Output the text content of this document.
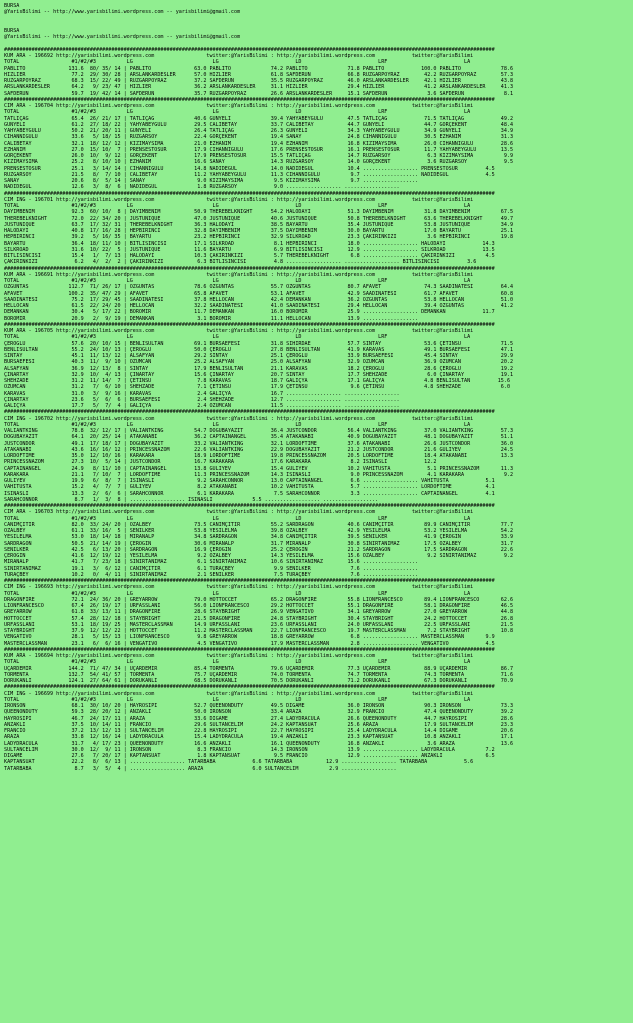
BURSA
@YarisBilimi -- http://www.yarisbilimi.wordpress.com -- yarisbilimi@gmail.com

BURSA
@YarisBilimi -- http://www.yarisbilimi.wordpress.com -- yarisbilimi@gmail.com

################################################################################################################################################################
KUM ARA - 196692 http://yarisbilimi.wordpress.com                 twitter:@YarisBilimi : http://yarisbilimi.wordpress.com            twitter:@YarisBilimi
TOTAL                 #1/#2/#3          LG                          LG                         LD                         LRF                         LA
PABLITO              131.6  80/ 35/ 14 | PABLITO              63.0 PABLITO             74.2 PABLITO             71.8 PABLITO            100.0 PABLITO             78.6
HIZLIER               77.2  29/ 30/ 28 | ARSLANKARDESLER      57.0 HIZLIER             61.8 SAFDERUN            66.8 RÜZGARPOYRAZ        42.2 RÜZGARPOYRAZ        57.3
RÜZGARPOYRAZ          68.3  15/ 22/ 49 | RÜZGARPOYRAZ         37.2 SAFDERUN            35.5 RÜZGARPOYRAZ        46.0 ARSLANKARDESLER     42.1 HIZLIER             43.8
ARSLANKARDESLER       64.2   9/ 23/ 47 | HIZLIER              36.2 ARSLANKARDESLER     31.1 HIZLIER             29.4 HIZLIER             41.2 ARSLANKARDESLER     41.3
SAFDERUN              59.7  19/ 42/ 14 | SAFDERUN             35.7 RÜZGARPOYRAZ        26.6 ARSLANKARDESLER     15.1 SAFDERUN             3.6 SAFDERUN             8.1
################################################################################################################################################################
CIM ARA - 196704 http://yarisbilimi.wordpress.com                 twitter:@YarisBilimi : http://yarisbilimi.wordpress.com            twitter:@YarisBilimi
TOTAL                 #1/#2/#3          LG                          LG                         LD                         LRF                         LA
TATLIÇAG              65.4  26/ 21/ 17 | TATLIÇAG             40.6 GÜNYELI             39.4 YAHYABEYGÜLÜ        47.5 TATLIÇAG            71.5 TATLIÇAG            49.2
GÜNYELI               61.2  27/ 18/ 22 | YAHYABEYGÜLÜ         29.5 CALIBETAY           33.7 CALIBETAY           44.7 GÜNYELI             44.7 GÖRÇEKENT           48.4
YAHYABEYGÜLÜ          50.2  21/ 20/ 11 | GÜNYELI              26.4 TATLIÇAG            26.3 GÜNYELI             34.3 YAHYABEYGÜLÜ        34.9 GÜNYELI             34.9
CIHANNIGÜLÜ           33.6   5/ 18/ 15 | RÜZGARSOY            22.4 GÖRÇEKENT           19.4 SANAY               24.8 CIHANNIGÜLÜ         30.5 EZHANIM             31.3
CALIBETAY             32.1  18/ 12/ 12 | KIZIMAYSIMA          21.0 EZHANIM             19.4 EZHANIM             16.8 KIZIMAYSIMA         26.0 CIHANNIGÜLÜ         28.6
EZHANIM               27.0  15/ 10/  7 | PRENSESTOSUR         17.9 CIHANNIGÜLÜ         17.6 PRENSESTOSUR        16.1 PRENSESTOSUR        11.7 YAHYABEYGÜLÜ        13.5
GÖRÇEKENT             26.0  10/  9/ 12 | GÖRÇEKENT            17.9 PRENSESTOSUR        15.5 TATLIÇAG            14.7 RÜZGARSOY            6.3 KIZIMAYSIMA          9.9
KIZIMAYSIMA           25.2   8/ 10/ 10 | EZHANIM              16.6 SANAY               14.3 RÜZGARSOY           14.0 GÖRÇEKENT            3.6 RÜZGARSOY            9.5
PRENSESTOSUR          25.1   3/ 14/ 14 | CIHANNIGÜLÜ          14.8 NADIDEGÜL           14.0 NADIDEGÜL           10.4 .................. PRENSESTOSUR         4.5
RÜZGARSOY             21.5   8/  7/ 10 | CALIBETAY            11.2 YAHYABEYGÜLÜ        11.3 CIHANNIGÜLÜ          9.7 .................. NADIDEGÜL            4.5
SANAY                 20.6   8/  5/ 14 | SANAY                 9.0 KIZIMAYSIMA          9.5 KIZIMAYSIMA          9.7 ..................
NADIDEGÜL             12.6   3/  8/  6 | NADIDEGÜL             1.8 RÜZGARSOY            9.0 .................. ..................
################################################################################################################################################################
CIM ING - 196701 http://yarisbilimi.wordpress.com                 twitter:@YarisBilimi : http://yarisbilimi.wordpress.com            twitter:@YarisBilimi
TOTAL                 #1/#2/#3          LG                          LG                         LD                         LRF                         LA
DAYIMBENIM            92.3  60/ 10/  8 | DAYIMBENIM           50.9 THEREBELKNIGHT      54.2 HALODAYI            51.3 DAYIMBENIM          31.8 DAYIMBENIM          67.5
THEREBELKNIGHT        72.0  22/ 34/ 20 | JUSTUNIQUE           47.0 JUSTUNIQUE          40.6 JUSTUNIQUE          50.8 THEREBELKNIGHT      63.6 THEREBELKNIGHT      49.7
JUSTUNIQUE            63.7  17/ 32/ 31 | THEREBELKNIGHT       36.3 HALODAYI            38.5 BAYARTU             35.4 JUSTUNIQUE          53.8 JUSTUNIQUE          34.9
HALODAYI              40.8  17/ 16/ 28 | HEPBIRINCI           32.8 DAYIMBENIM          37.5 DAYIMBENIM          30.0 BAYARTU             17.0 BAYARTU             25.1
HEPBIRINCI            39.2   5/ 16/ 35 | BAYARTU              23.2 HEPBIRINCI          32.9 SILKROAD            23.3 ÇAKIRINKIZI          3.6 HEPBIRINCI          19.8
BAYARTU               36.4  18/ 11/ 10 | BITLISINCISI         17.1 SILKROAD             8.1 HEPBIRINCI          18.0 .................. HALODAYI            14.3
SILKROAD              31.6  10/ 22/  5 | JUSTUNIQUE           11.6 BAYARTU              6.9 BITLISINCISI        12.9 .................. SILKROAD            13.5
BITLISINCISI          15.4   1/  7/ 13 | HALODAYI             10.3 ÇAKIRINKIZI          5.7 THEREBELKNIGHT       6.8 .................. ÇAKIRINKIZI          4.5
ÇAKIRINKIZI            6.2   4/  2/  2 | ÇAKIRINKIZI           6.3 BITLISINCISI         4.8 .................. .................. BITLISINCISI         3.6
################################################################################################################################################################
KUM ARA - 196691 http://yarisbilimi.wordpress.com                 twitter:@YarisBilimi : http://yarisbilimi.wordpress.com            twitter:@YarisBilimi
TOTAL                 #1/#2/#3          LG                          LG                         LD                         LRF                         LA
ÖZGÜNTAS             112.7  71/ 26/ 17 | ÖZGÜNTAS             78.6 ÖZGÜNTAS            55.7 ÖZGÜNTAS            80.7 AFAVET              74.3 SAADINATESI         64.4
AFAVET               100.2  35/ 47/ 29 | AFAVET               65.8 AFAVET              53.1 AFAVET              42.9 SAADINATESI         61.7 AFAVET              60.8
SAADINATESI           75.2  17/ 29/ 45 | SAADINATESI          37.8 HELLOCAN            42.4 DEMANKAN            36.2 ÖZGÜNTAS            53.8 HELLOCAN            51.0
HELLOCAN              61.5  22/ 24/ 20 | HELLOCAN             32.2 SAADINATESI         41.0 SAADINATESI         29.4 HELLOCAN            39.4 ÖZGÜNTAS            41.2
DEMANKAN              30.4   5/ 17/ 22 | BOROMIR              11.7 DEMANKAN            16.0 BOROMIR             25.9 .................. DEMANKAN            11.7
BOROMIR               20.9   2/  9/ 19 | DEMANKAN              3.1 BOROMIR             11.1 HELLOCAN            13.9 ..................
################################################################################################################################################################
KUM ARA - 196705 http://yarisbilimi.wordpress.com                 twitter:@YarisBilimi : http://yarisbilimi.wordpress.com            twitter:@YarisBilimi
TOTAL                 #1/#2/#3          LG                          LG                         LD                         LRF                         LA
ÇEROGLU               57.6  20/ 10/ 15 | BENLISULTAN          69.1 BURSAEFESI          31.8 SIHIRDAE            57.7 SINTAY              53.6 ÇETINSU             71.5
BENLISULTAN           55.2  24/ 10/ 13 | ÇEROGLU              50.0 ÇEROGLU             27.8 BENLISULTAN         41.9 KARAVAS             49.1 BURSAEFESI          47.1
SINTAY                45.1  11/ 13/ 12 | ALSAFYAN             29.2 SINTAY              25.1 ÇEROGLU             33.9 BURSAEFESI          45.4 SINTAY              29.9
BURSAEFESI            40.3  11/  9/ 10 | ÖZÜMCAN              25.2 ALSAFYAN            25.0 ALSAFYAN            32.9 ÖZÜMCAN             36.9 ÖZÜMCAN             20.2
ALSAFYAN              36.9  12/ 13/  8 | SINTAY               17.9 BENLISULTAN         21.1 KARAVAS             18.2 ÇEROGLU             28.6 ÇEROGLU             19.2
ÇINARTAY              32.9  10/  4/ 13 | ÇINARTAY             15.6 ÇINARTAY            20.7 SINTAY              17.7 SHEHZADE             6.0 ÇINARTAY            19.1
SHEHZADE              31.2  11/ 14/  7 | ÇETINSU               7.8 KARAVAS             18.7 GALIÇYA             17.1 GALIÇYA             4.8 BENLISULTAN         15.6
ÖZÜMCAN               31.2   7/  6/ 10 | SHEHZADE              7.1 ÇETINSU             17.9 ÇETINSU              9.6 ÇETINSU             4.8 SHEHZADE             6.0
KARAVAS               31.0   3/  9/ 16 | KARAVAS               2.4 GALIÇYA             16.7 .................. ..................
ÇINARTAY              23.6   5/  6/  6 | BURSAEFESI            2.4 SHEHZADE            12.7 .................. ..................
GALIÇYA               17.7   5/  7/  4 | GALIÇYA               2.4 ÖZÜMCAN             11.5 .................. ..................
################################################################################################################################################################
CIM ING - 196702 http://yarisbilimi.wordpress.com                 twitter:@YarisBilimi : http://yarisbilimi.wordpress.com            twitter:@YarisBilimi
TOTAL                 #1/#2/#3          LG                          LG                         LD                         LRF                         LA
VALIANTKING           78.8  32/ 12/ 17 | VALIANTKING          54.7 DOGUBAYAZIT         36.4 JUSTCONDOR          56.4 VALIANTKING         37.0 VALIANTKING         57.3
DOGUBAYAZIT           64.1  20/ 25/ 14 | ATAKANABI            36.2 CAPTAINANGEL        35.4 ATAKANABI           40.9 DOGUBAYAZIT         48.1 DOGUBAYAZIT         51.1
JUSTCONDOR            49.1  17/ 18/ 17 | DOGUBAYAZIT          33.2 VALIANTKING         32.1 LORDOFTIME          37.6 ATAKANABI           26.6 JUSTCONDOR          36.0
ATAKANABI             43.6  16/ 16/ 12 | PRINCESSNAZOM        22.6 VALIANTKING         22.9 DOGUBAYAZIT         21.2 JUSTCONDOR          21.6 GULIYEV             24.5
LORDOFTIME            35.0  12/ 10/ 16 | KARAKARA             18.9 LORDOFTIME          19.8 PRINCESSNAZOM       20.5 LORDOFTIME          18.4 ATAKANABI           13.3
PRINCESSNAZOM         27.3  10/  5/ 14 | JUSTCONDOR           16.7 KARAKARA            17.6 KARAKARA             8.2 ISINASLI            12.2
CAPTAINANGEL          24.9   8/ 11/ 10 | CAPTAINANGEL         13.8 GULIYEV             15.4 GULIYEV             10.2 VAHITUSTA            5.1 PRINCESSNAZOM       11.3
KARAKARA              21.1   7/ 10/  7 | LORDOFTIME           11.3 PRINCESSNAZOM       14.3 ISINASLI             9.0 PRINCESSNAZOM        4.1 KARAKARA             9.2
GULIYEV               19.9   6/  8/  7 | ISINASLI              9.2 SARAHCONNOR         13.0 CAPTAINANGEL         6.6 .................. VAHITUSTA            5.1
VAHITUSTA             15.2   4/  7/  7 | GULIYEV               8.2 ATAKANABI           10.2 VAHITUSTA            5.7 .................. LORDOFTIME           4.1
ISINASLI              13.3   2/  6/  6 | SARAHCONNOR           6.1 KARAKARA             7.5 SARAHCONNOR          3.3 .................. CAPTAINANGEL         4.1
SARAHCONNOR            8.7   1/  3/  8 | .................. ISINASLI             5.5 .................. ..................
################################################################################################################################################################
CIM ARA - 196703 http://yarisbilimi.wordpress.com                 twitter:@YarisBilimi : http://yarisbilimi.wordpress.com            twitter:@YarisBilimi
TOTAL                 #1/#2/#3          LG                          LG                         LD                         LRF                         LA
CANIMÇITIR            82.0  33/ 24/ 20 | ÖZALBEY              73.5 CANIMÇITIR          55.2 SARDRAGON           40.6 CANIMÇITIR          89.9 CANIMÇITIR          77.7
ÖZALBEY               61.1  33/ 16/  5 | SENILKER             53.8 YESILELMA           39.8 ÖZALBEY             42.9 YESILELMA           53.2 YESILELMA           54.2
YESILELMA             53.0  18/ 14/ 18 | MIRANALP             34.8 SARDRAGON           34.8 CANIMÇITIR          39.5 SENILKER            41.9 ÇEROGIN             33.9
SARDRAGON             50.5  21/ 14/ 19 | ÇEROGIN              30.6 MIRANALP            31.7 MIRANALP            30.8 SINIRTANIMAZ        17.5 ÖZALBEY             31.7
SENILKER              42.5   6/ 13/ 20 | SARDRAGON            16.9 ÇEROGIN             25.2 ÇEROGIN             21.2 SARDRAGON           17.5 SARDRAGON           22.6
ÇEROGIN               41.6  12/ 19/ 12 | YESILELMA             9.2 ÖZALBEY             14.3 YESILELMA           15.6 ÖZALBEY              9.2 SINIRTANIMAZ         9.2
MIRANALP              41.7   7/ 23/ 18 | SINIRTANIMAZ          6.1 SINIRTANIMAZ        10.6 SINIRTANIMAZ        15.6 ..................
SINIRTANIMAZ          19.1   3/  6/ 12 | CANIMÇITIR            6.1 TURAÇBEY             9.9 SENILKER             7.6 ..................
TURAÇBEY              10.2   0/  4/ 11 | SINIRTANIMAZ          2.1 SENILKER             7.5 TURAÇBEY             7.6 ..................
################################################################################################################################################################
CIM ING - 196693 http://yarisbilimi.wordpress.com                 twitter:@YarisBilimi : http://yarisbilimi.wordpress.com            twitter:@YarisBilimi
TOTAL                 #1/#2/#3          LG                          LG                         LD                         LRF                         LA
DRAGONFIRE            72.1  24/ 36/ 20 | GREYARROW            79.0 HOTTOCCET           65.2 DRAGONFIRE          55.8 LIONFRANCESCO       89.4 LIONFRANCESCO       62.6
LIONFRANCESCO         67.4  26/ 19/ 17 | URFASSLANI           56.0 LIONFRANCESCO       29.2 HOTTOCCET           55.1 DRAGONFIRE          58.1 DRAGONFIRE          46.5
GREYARROW             61.8  33/ 13/ 11 | DRAGONFIRE           28.6 STAYBRIGHT          26.9 VENGATIVO           34.1 GREYARROW           27.0 GREYARROW           44.8
HOTTOCCET             57.4  28/ 12/ 18 | STAYBRIGHT           21.5 DRAGONFIRE          24.8 STAYBRIGHT          30.4 STAYBRIGHT          24.2 HOTTOCCET           26.8
URFASSLANI            53.1  18/ 19/ 25 | MASTERCLASSMAN       14.9 URFASSLANI          23.6 URFASSLANI          24.0 URFASSLANI          22.5 URFASSLANI          21.5
STAYBRIGHT            37.9  12/ 12/ 22 | HOTTOCCET            11.2 MASTERCLASSMAN      22.7 LIONFRANCESCO       19.7 MASTERCLASSMAN       7.2 STAYBRIGHT          10.8
VENGATIVO             28.1   5/ 15/ 13 | LIONFRANCESCO         9.8 GREYARROW           18.8 GREYARROW            6.8 .................. MASTERCLASSMAN       9.9
MASTERCLASSMAN        23.1   6/  6/ 16 | VENGATIVO             4.5 VENGATIVO           17.9 MASTERCLASSMAN       2.8 .................. VENGATIVO            4.5
################################################################################################################################################################
KUM ARA - 196694 http://yarisbilimi.wordpress.com                 twitter:@YarisBilimi : http://yarisbilimi.wordpress.com            twitter:@YarisBilimi
TOTAL                 #1/#2/#3          LG                          LG                         LD                         LRF                         LA
UÇARDEMIR            144.2  71/ 47/ 34 | UÇARDEMIR            85.4 TORMENTA            79.6 UÇARDEMIR           77.3 UÇARDEMIR           88.9 UÇARDEMIR           86.7
TORMENTA             132.7  54/ 41/ 57 | TORMENTA             75.7 UÇARDEMIR           74.0 TORMENTA            74.7 TORMENTA            74.3 TORMENTA            71.6
DORUKANLI            124.1  27/ 64/ 61 | DORUKANLI            68.5 DORUKANLI           70.5 DORUKANLI           71.2 DORUKANLI           67.3 DORUKANLI           70.9
################################################################################################################################################################
CIM ING - 196699 http://yarisbilimi.wordpress.com                 twitter:@YarisBilimi : http://yarisbilimi.wordpress.com            twitter:@YarisBilimi
TOTAL                 #1/#2/#3          LG                          LG                         LD                         LRF                         LA
IRONSON               68.1  30/ 10/ 20 | HAYROSIPI            52.7 QUEENONDUTY         49.5 DIGAME              36.0 IRONSON             90.3 IRONSON             73.3
QUEENONDUTY           59.3  28/ 20/ 12 | ANZAKLI              50.0 IRONSON             33.4 ARAZA               32.9 FRANCIO             47.4 QUEENONDUTY         39.2
HAYROSIPI             46.7  24/ 17/ 11 | ARAZA                33.6 DIGAME              27.4 LADYDRACULA         26.6 QUEENONDUTY         44.7 HAYROSIPI           28.6
ANZAKLI               37.5  10/ 14/ 11 | FRANCIO              29.6 SULTANCELIM         24.2 KAPTANSUAT          25.6 ARAZA               17.9 SULTANCELIM         23.3
FRANCIO               37.2  13/ 12/ 13 | SULTANCELIM          22.8 HAYROSIPI           22.7 HAYROSIPI           25.4 LADYDRACULA         14.4 DIGAME              20.6
ARAZA                 33.8  12/ 16/ 14 | LADYDRACULA          15.4 LADYDRACULA         19.4 ANZAKLI             23.3 KAPTANSUAT          10.8 ANZAKLI             17.1
LADYDRACULA           31.7   4/ 17/ 23 | QUEENONDUTY          16.6 ANZAKLI             16.1 QUEENONDUTY         16.8 ANZAKLI              3.6 ARAZA               13.6
SULTANCELIM           30.0  12/  9/ 11 | IRONSON               8.3 FRANCIO             14.3 IRONSON             13.9 .................. LADYDRACULA          7.2
DIGAME                27.6   7/ 20/ 17 | KAPTANSUAT            1.8 KAPTANSUAT           9.5 FRANCIO             12.9 .................. ANZAKLI              6.5
KAPTANSUAT            22.2   8/  6/ 13 | .................. TATARBABA            6.6 TATARBABA           12.9 .................. TATARBABA            5.6
TATARBABA              8.7   3/  5/  4 | .................. ARAZA                6.0 SULTANCELIM          2.9 ..................
